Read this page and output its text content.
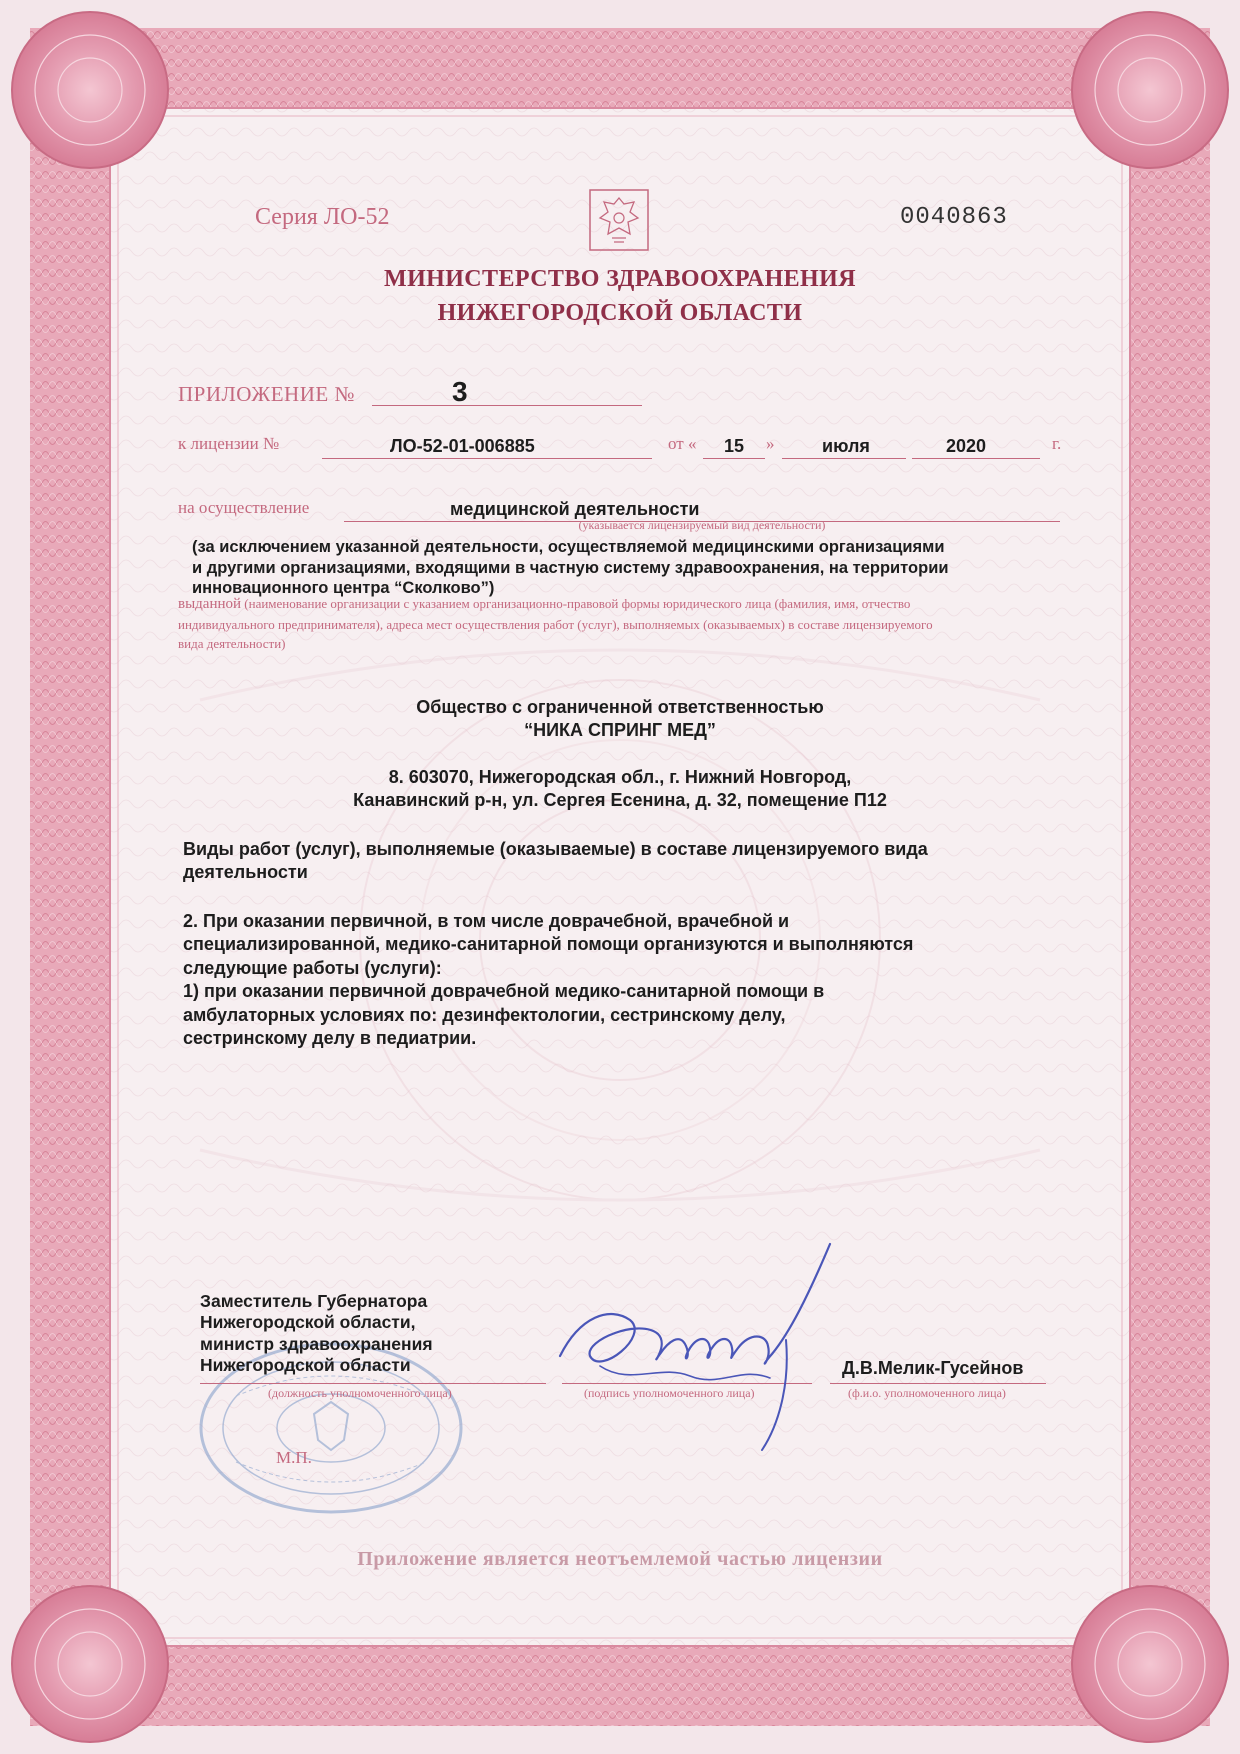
Серия ЛО-52	0040863
МИНИСТЕРСТВО ЗДРАВООХРАНЕНИЯ
НИЖЕГОРОДСКОЙ ОБЛАСТИ
ПРИЛОЖЕНИЕ №	3
к лицензии №	ЛО-52-01-006885	от « 15 »	июля	2020	г.
на осуществление	медицинской деятельности
(указывается лицензируемый вид деятельности)
(за исключением указанной деятельности, осуществляемой медицинскими организациями
и другими организациями, входящими в частную систему здравоохранения, на территории
инновационного центра “Сколково”)
выданной (наименование организации с указанием организационно-правовой формы юридического лица (фамилия, имя, отчество
индивидуального предпринимателя), адреса мест осуществления работ (услуг), выполняемых (оказываемых) в составе лицензируемого
вида деятельности)
Общество с ограниченной ответственностью
“НИКА СПРИНГ МЕД”
8. 603070, Нижегородская обл., г. Нижний Новгород,
Канавинский р-н, ул. Сергея Есенина, д. 32, помещение П12
Виды работ (услуг), выполняемые (оказываемые) в составе лицензируемого вида
деятельности
2. При оказании первичной, в том числе доврачебной, врачебной и
специализированной, медико-санитарной помощи организуются и выполняются
следующие работы (услуги):
1) при оказании первичной доврачебной медико-санитарной помощи в
амбулаторных условиях по: дезинфектологии, сестринскому делу,
сестринскому делу в педиатрии.
Заместитель Губернатора
Нижегородской области,
министр здравоохранения
Нижегородской области
(должность уполномоченного лица)	(подпись уполномоченного лица)
Д.В.Мелик-Гусейнов
(ф.и.о. уполномоченного лица)
М.П.
Приложение является неотъемлемой частью лицензии
